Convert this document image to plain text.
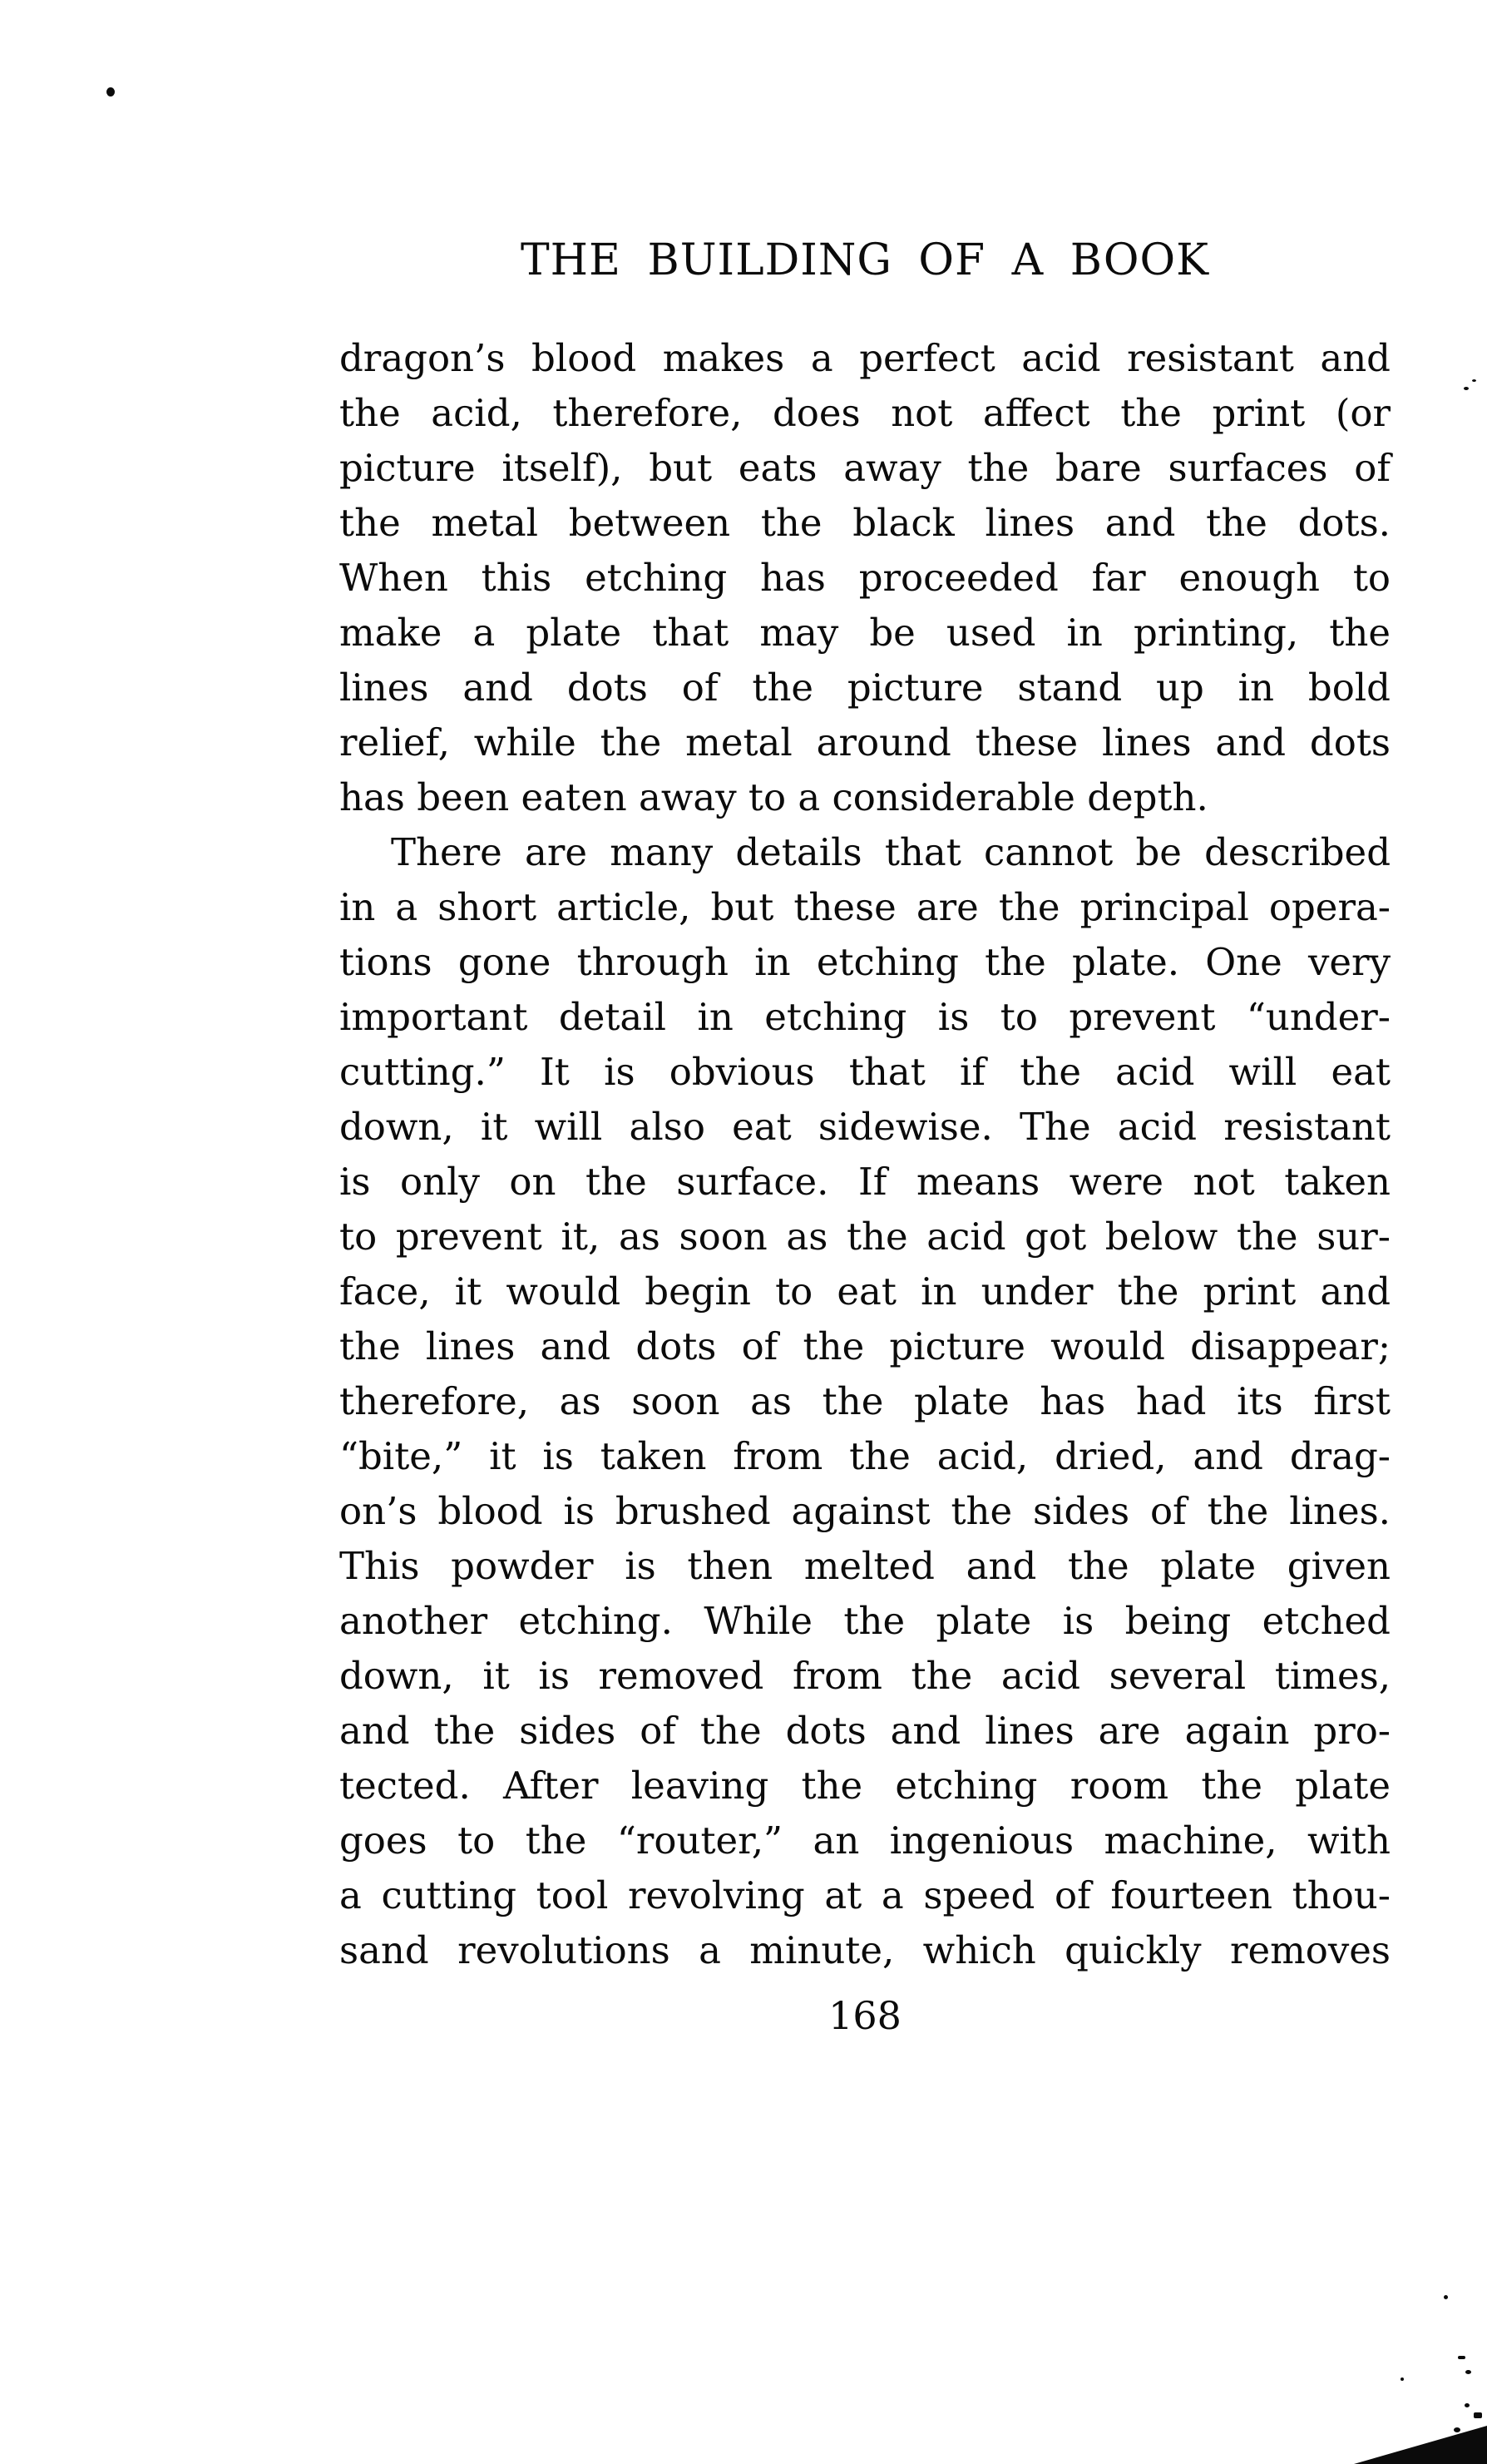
THE BUILDING OF A BOOK
dragon’s blood makes a perfect acid resistant and
the acid, therefore, does not affect the print (or
picture itself), but eats away the bare surfaces of
the metal between the black lines and the dots.
When this etching has proceeded far enough to
make a plate that may be used in printing, the
lines and dots of the picture stand up in bold
relief, while the metal around these lines and dots
has been eaten away to a considerable depth.
There are many details that cannot be described
in a short article, but these are the principal opera-
tions gone through in etching the plate. One very
important detail in etching is to prevent “under-
cutting.” It is obvious that if the acid will eat
down, it will also eat sidewise. The acid resistant
is only on the surface. If means were not taken
to prevent it, as soon as the acid got below the sur-
face, it would begin to eat in under the print and
the lines and dots of the picture would disappear;
therefore, as soon as the plate has had its first
“bite,” it is taken from the acid, dried, and drag-
on’s blood is brushed against the sides of the lines.
This powder is then melted and the plate given
another etching. While the plate is being etched
down, it is removed from the acid several times,
and the sides of the dots and lines are again pro-
tected. After leaving the etching room the plate
goes to the “router,” an ingenious machine, with
a cutting tool revolving at a speed of fourteen thou-
sand revolutions a minute, which quickly removes
168
